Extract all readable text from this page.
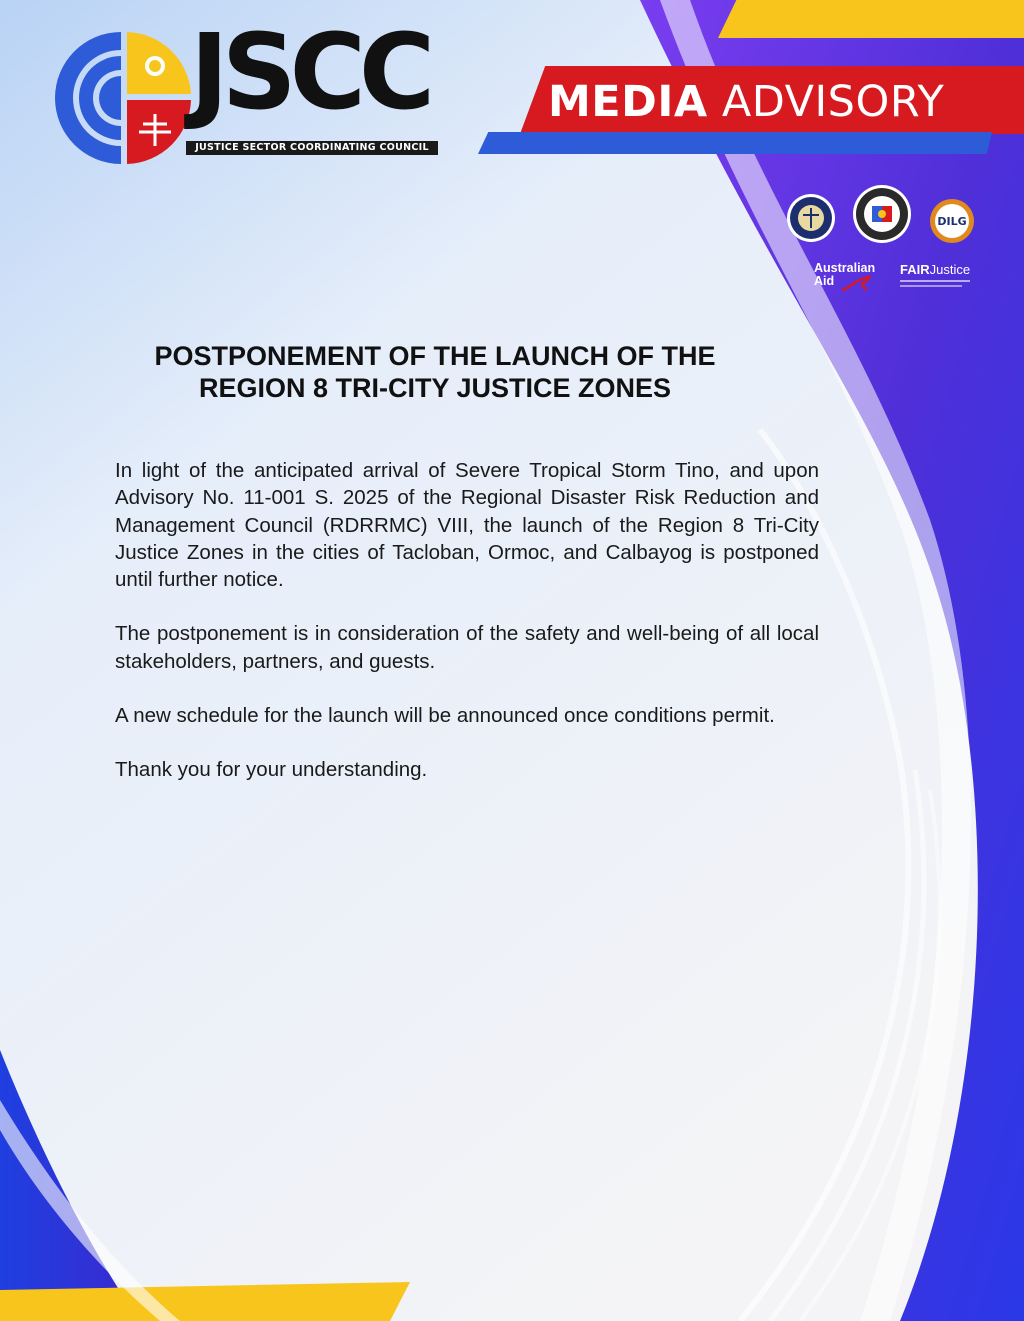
JSCC
JUSTICE SECTOR COORDINATING COUNCIL
MEDIA ADVISORY
DILG
Australian
Aid
FAIRJustice
POSTPONEMENT OF THE LAUNCH OF THE
REGION 8 TRI-CITY JUSTICE ZONES

In light of the anticipated arrival of Severe Tropical Storm Tino, and upon Advisory No. 11-001 S. 2025 of the Regional Disaster Risk Reduction and Management Council (RDRRMC) VIII, the launch of the Region 8 Tri-City Justice Zones in the cities of Tacloban, Ormoc, and Calbayog is postponed until further notice.

The postponement is in consideration of the safety and well-being of all local stakeholders, partners, and guests.

A new schedule for the launch will be announced once conditions permit.

Thank you for your understanding.
